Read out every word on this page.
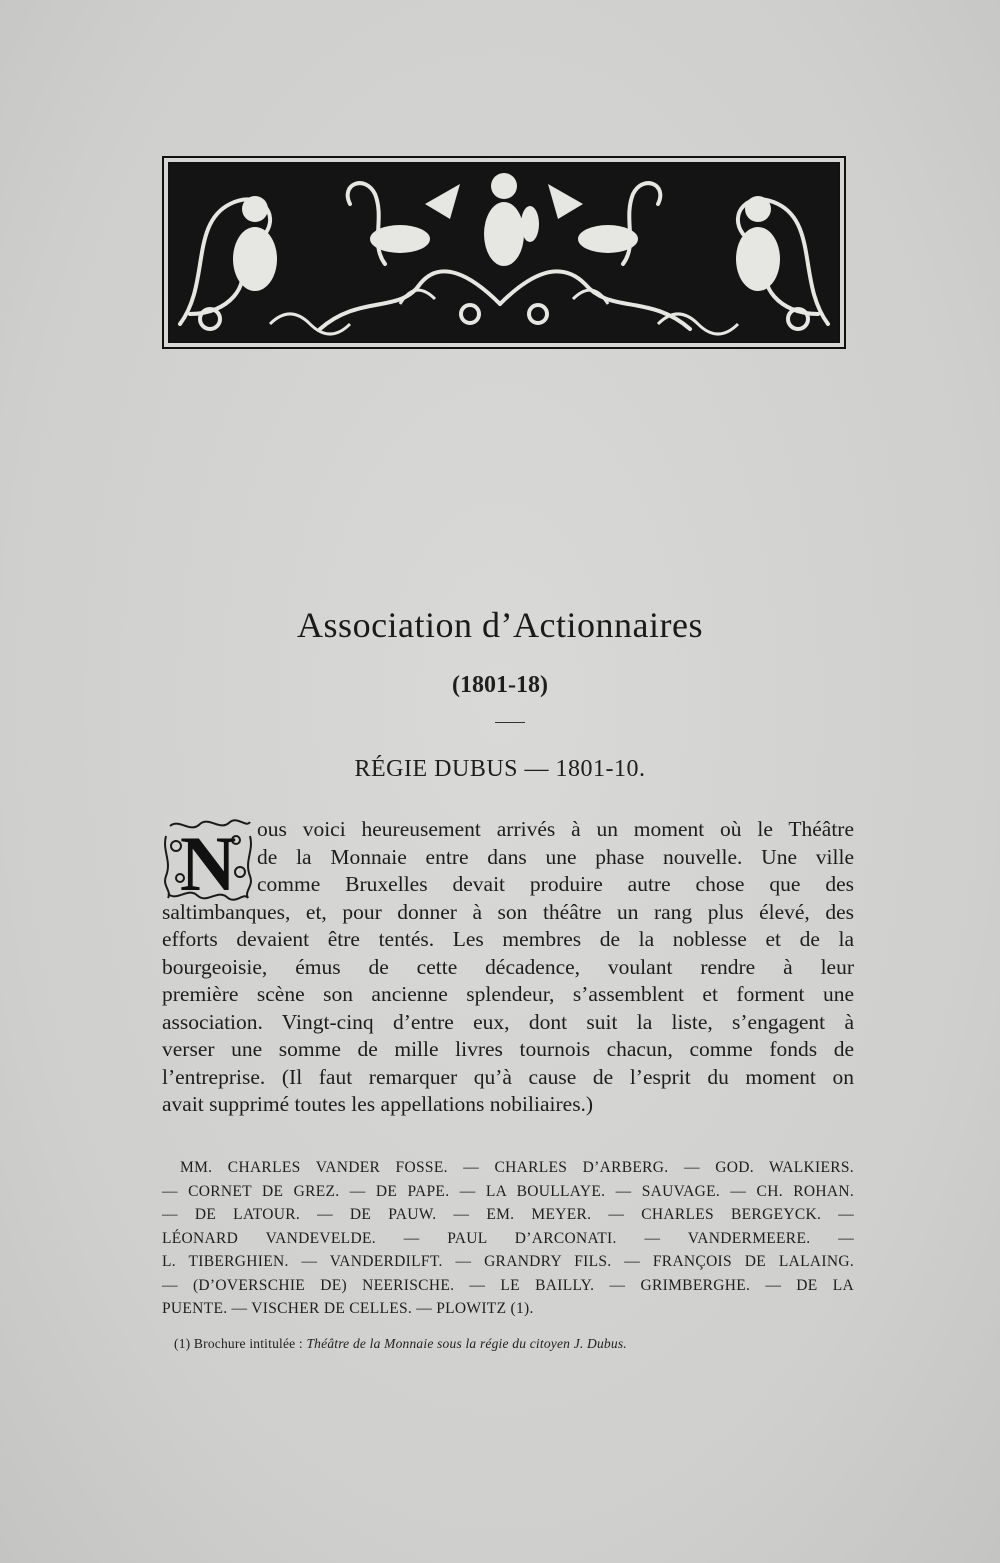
Association d’Actionnaires
(1801-18)
RÉGIE DUBUS — 1801-10.
N ous voici heureusement arrivés à un moment où le Théâtre
de la Monnaie entre dans une phase nouvelle. Une ville
comme Bruxelles devait produire autre chose que des
saltimbanques, et, pour donner à son théâtre un rang plus élevé, des
efforts devaient être tentés. Les membres de la noblesse et de la
bourgeoisie, émus de cette décadence, voulant rendre à leur
première scène son ancienne splendeur, s’assemblent et forment une
association. Vingt-cinq d’entre eux, dont suit la liste, s’engagent à
verser une somme de mille livres tournois chacun, comme fonds de
l’entreprise. (Il faut remarquer qu’à cause de l’esprit du moment on
avait supprimé toutes les appellations nobiliaires.)
MM. CHARLES VANDER FOSSE. — CHARLES D’ARBERG. — GOD. WALKIERS.
— CORNET DE GREZ. — DE PAPE. — LA BOULLAYE. — SAUVAGE. — CH. ROHAN.
— DE LATOUR. — DE PAUW. — EM. MEYER. — CHARLES BERGEYCK. —
LÉONARD VANDEVELDE. — PAUL D’ARCONATI. — VANDERMEERE. —
L. TIBERGHIEN. — VANDERDILFT. — GRANDRY FILS. — FRANÇOIS DE LALAING.
— (D’OVERSCHIE DE) NEERISCHE. — LE BAILLY. — GRIMBERGHE. — DE LA
PUENTE. — VISCHER DE CELLES. — PLOWITZ (1).
(1) Brochure intitulée : Théâtre de la Monnaie sous la régie du citoyen J. Dubus.
